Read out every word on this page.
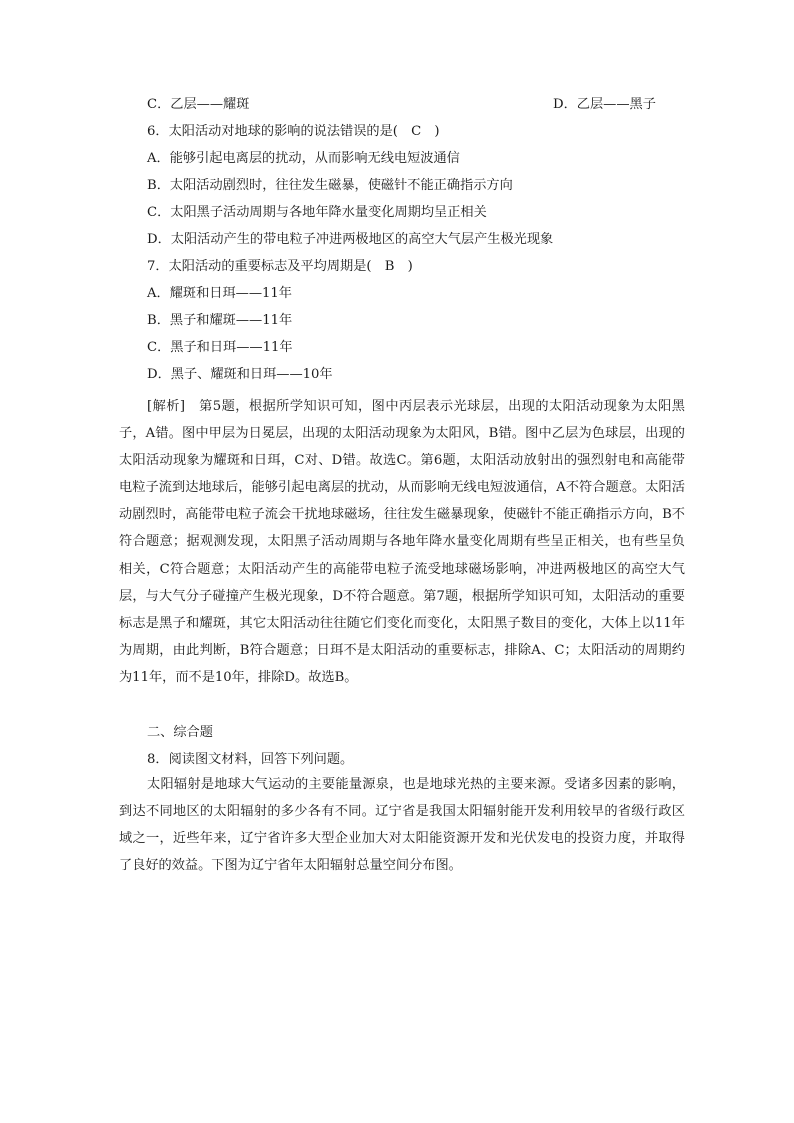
C．乙层——耀斑	D．乙层——黑子
6．太阳活动对地球的影响的说法错误的是(　C　)
A．能够引起电离层的扰动，从而影响无线电短波通信
B．太阳活动剧烈时，往往发生磁暴，使磁针不能正确指示方向
C．太阳黑子活动周期与各地年降水量变化周期均呈正相关
D．太阳活动产生的带电粒子冲进两极地区的高空大气层产生极光现象
7．太阳活动的重要标志及平均周期是(　B　)
A．耀斑和日珥——11年
B．黑子和耀斑——11年
C．黑子和日珥——11年
D．黑子、耀斑和日珥——10年

[解析]　第5题，根据所学知识可知，图中丙层表示光球层，出现的太阳活动现象为太阳黑子，A错。图中甲层为日冕层，出现的太阳活动现象为太阳风，B错。图中乙层为色球层，出现的太阳活动现象为耀斑和日珥，C对、D错。故选C。第6题，太阳活动放射出的强烈射电和高能带电粒子流到达地球后，能够引起电离层的扰动，从而影响无线电短波通信，A不符合题意。太阳活动剧烈时，高能带电粒子流会干扰地球磁场，往往发生磁暴现象，使磁针不能正确指示方向，B不符合题意；据观测发现，太阳黑子活动周期与各地年降水量变化周期有些呈正相关，也有些呈负相关，C符合题意；太阳活动产生的高能带电粒子流受地球磁场影响，冲进两极地区的高空大气层，与大气分子碰撞产生极光现象，D不符合题意。第7题，根据所学知识可知，太阳活动的重要标志是黑子和耀斑，其它太阳活动往往随它们变化而变化，太阳黑子数目的变化，大体上以11年为周期，由此判断，B符合题意；日珥不是太阳活动的重要标志，排除A、C；太阳活动的周期约为11年，而不是10年，排除D。故选B。

二、综合题
8．阅读图文材料，回答下列问题。

太阳辐射是地球大气运动的主要能量源泉，也是地球光热的主要来源。受诸多因素的影响，到达不同地区的太阳辐射的多少各有不同。辽宁省是我国太阳辐射能开发利用较早的省级行政区域之一，近些年来，辽宁省许多大型企业加大对太阳能资源开发和光伏发电的投资力度，并取得了良好的效益。下图为辽宁省年太阳辐射总量空间分布图。
